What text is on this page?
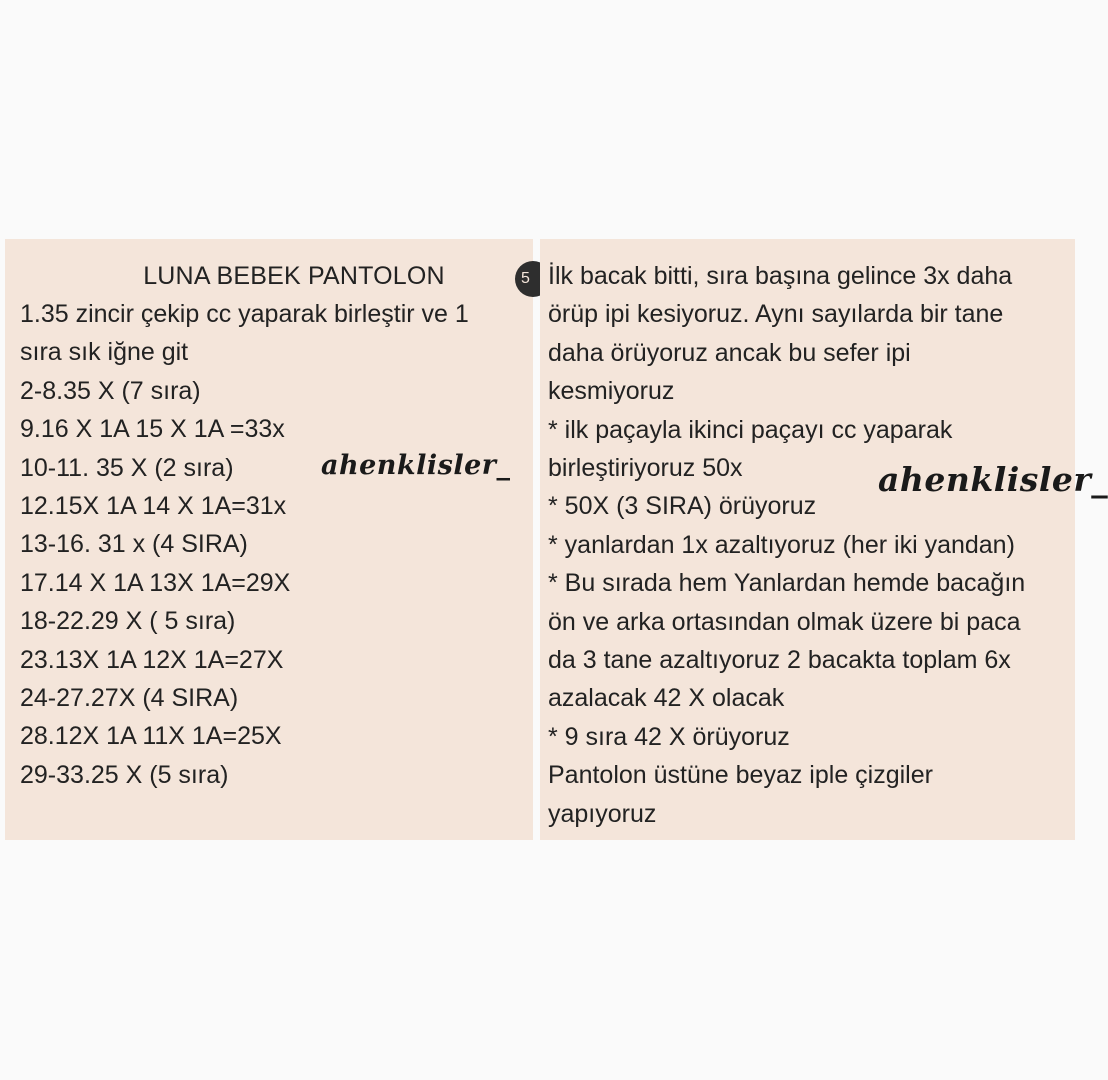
LUNA BEBEK PANTOLON
1.35 zincir çekip cc yaparak birleştir ve 1
sıra sık iğne git
2-8.35 X (7 sıra)
9.16 X 1A 15 X 1A =33x
10-11. 35 X (2 sıra)
12.15X 1A 14 X 1A=31x
13-16. 31 x (4 SIRA)
17.14 X 1A 13X 1A=29X
18-22.29 X ( 5 sıra)
23.13X 1A 12X 1A=27X
24-27.27X (4 SIRA)
28.12X 1A 11X 1A=25X
29-33.25 X (5 sıra)
ahenklisler_
5 İlk bacak bitti, sıra başına gelince 3x daha
örüp ipi kesiyoruz. Aynı sayılarda bir tane
daha örüyoruz ancak bu sefer ipi
kesmiyoruz
* ilk paçayla ikinci paçayı cc yaparak
birleştiriyoruz 50x
* 50X (3 SIRA) örüyoruz
* yanlardan 1x azaltıyoruz (her iki yandan)
* Bu sırada hem Yanlardan hemde bacağın
ön ve arka ortasından olmak üzere bi paca
da 3 tane azaltıyoruz 2 bacakta toplam 6x
azalacak 42 X olacak
* 9 sıra 42 X örüyoruz
Pantolon üstüne beyaz iple çizgiler
yapıyoruz
ahenklisler_
